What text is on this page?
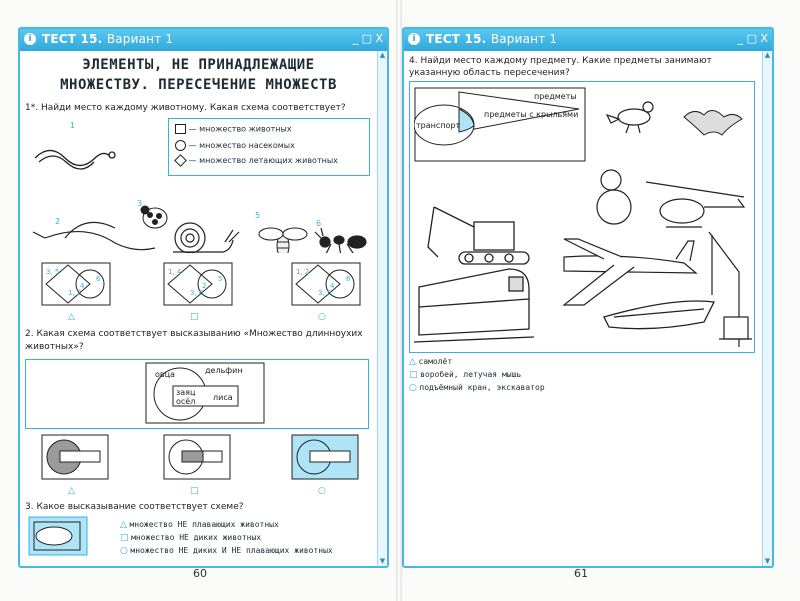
i ТЕСТ 15. Вариант 1	_ □ X
▲
▼
ЭЛЕМЕНТЫ, НЕ ПРИНАДЛЕЖАЩИЕ
МНОЖЕСТВУ. ПЕРЕСЕЧЕНИЕ МНОЖЕСТВ
1*. Найди место каждому животному. Какая схема соответствует?
— множество животных
— множество насекомых
— множество летающих животных
1
3
2
5
6
3, 5
4
6
1, 2
△
1, 4
2
5
3, 6
□
1, 2
4
6
3, 5
○
2. Какая схема соответствует высказыванию «Множество длинноухих животных»?
овца	дельфин
заяц
осёл лиса
△	□	○
3. Какое высказывание соответствует схеме?
△ множество НЕ плавающих животных
□ множество НЕ диких животных
○ множество НЕ диких И НЕ плавающих животных
60
i ТЕСТ 15. Вариант 1	_ □ X
▲
▼
4. Найди место каждому предмету. Какие предметы занимают указанную область пересечения?
предметы
транспорт
предметы с крыльями
△ самолёт
□ воробей, летучая мышь
○ подъёмный кран, экскаватор
61
